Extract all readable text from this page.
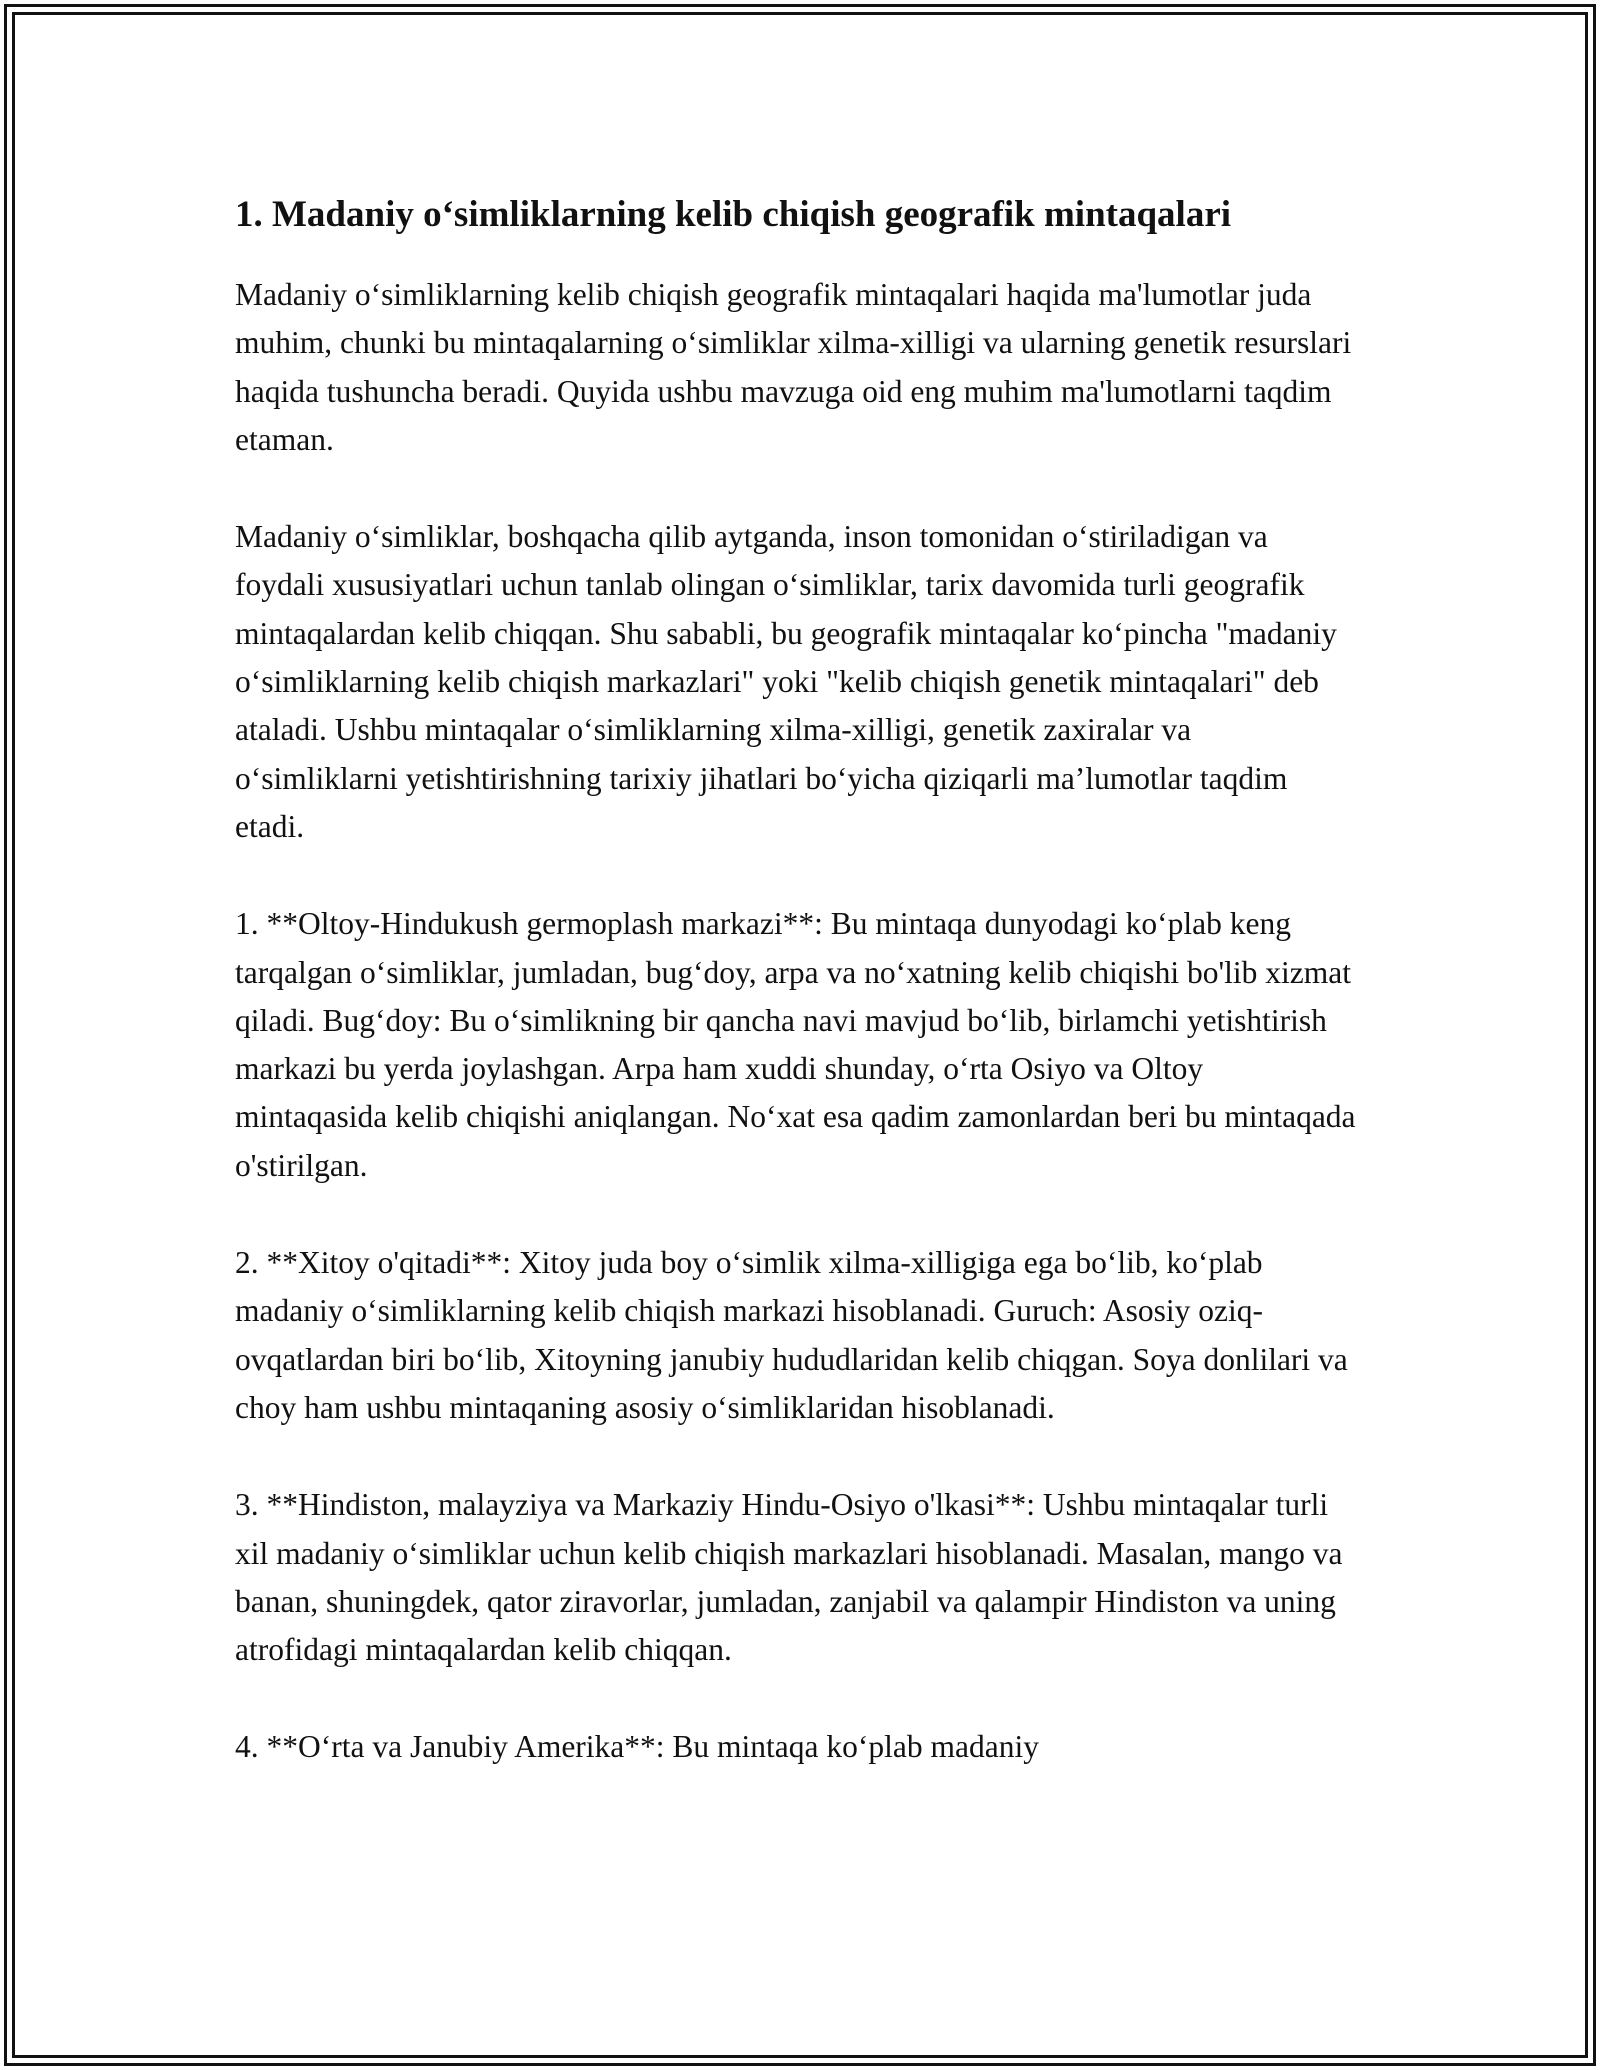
1. Madaniy o‘simliklarning kelib chiqish geografik mintaqalari

Madaniy o‘simliklarning kelib chiqish geografik mintaqalari haqida ma'lumotlar juda muhim, chunki bu mintaqalarning o‘simliklar xilma-xilligi va ularning genetik resurslari haqida tushuncha beradi. Quyida ushbu mavzuga oid eng muhim ma'lumotlarni taqdim etaman.

Madaniy o‘simliklar, boshqacha qilib aytganda, inson tomonidan o‘stiriladigan va foydali xususiyatlari uchun tanlab olingan o‘simliklar, tarix davomida turli geografik mintaqalardan kelib chiqqan. Shu sababli, bu geografik mintaqalar ko‘pincha "madaniy o‘simliklarning kelib chiqish markazlari" yoki "kelib chiqish genetik mintaqalari" deb ataladi. Ushbu mintaqalar o‘simliklarning xilma-xilligi, genetik zaxiralar va o‘simliklarni yetishtirishning tarixiy jihatlari bo‘yicha qiziqarli ma’lumotlar taqdim etadi.

1. **Oltoy-Hindukush germoplash markazi**: Bu mintaqa dunyodagi ko‘plab keng tarqalgan o‘simliklar, jumladan, bug‘doy, arpa va no‘xatning kelib chiqishi bo'lib xizmat qiladi. Bug‘doy: Bu o‘simlikning bir qancha navi mavjud bo‘lib, birlamchi yetishtirish markazi bu yerda joylashgan. Arpa ham xuddi shunday, o‘rta Osiyo va Oltoy mintaqasida kelib chiqishi aniqlangan. No‘xat esa qadim zamonlardan beri bu mintaqada o'stirilgan.

2. **Xitoy o'qitadi**: Xitoy juda boy o‘simlik xilma-xilligiga ega bo‘lib, ko‘plab madaniy o‘simliklarning kelib chiqish markazi hisoblanadi. Guruch: Asosiy oziq-ovqatlardan biri bo‘lib, Xitoyning janubiy hududlaridan kelib chiqgan. Soya donlilari va choy ham ushbu mintaqaning asosiy o‘simliklaridan hisoblanadi.

3. **Hindiston, malayziya va Markaziy Hindu-Osiyo o'lkasi**: Ushbu mintaqalar turli xil madaniy o‘simliklar uchun kelib chiqish markazlari hisoblanadi. Masalan, mango va banan, shuningdek, qator ziravorlar, jumladan, zanjabil va qalampir Hindiston va uning atrofidagi mintaqalardan kelib chiqqan.

4. **O‘rta va Janubiy Amerika**: Bu mintaqa ko‘plab madaniy
